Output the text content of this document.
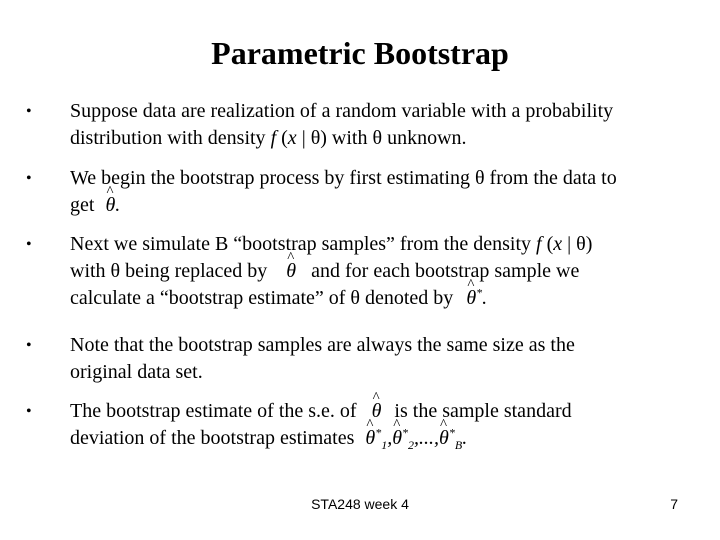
Parametric Bootstrap
• Suppose data are realization of a random variable with a probability
distribution with density f (x | θ) with θ unknown.
• We begin the bootstrap process by first estimating θ from the data to
get ^ θ.
• Next we simulate B “bootstrap samples” from the density f (x | θ)
with θ being replaced by ^ θ and for each bootstrap sample we
calculate a “bootstrap estimate” of θ denoted by ^ θ*.
• Note that the bootstrap samples are always the same size as the
original data set.
• The bootstrap estimate of the s.e. of ^ θ is the sample standard
deviation of the bootstrap estimates ^ $\theta^*_1,\^{}$ $\theta^*_2,...,\^{}$ $\theta^*_B$.
STA248 week 4	7
